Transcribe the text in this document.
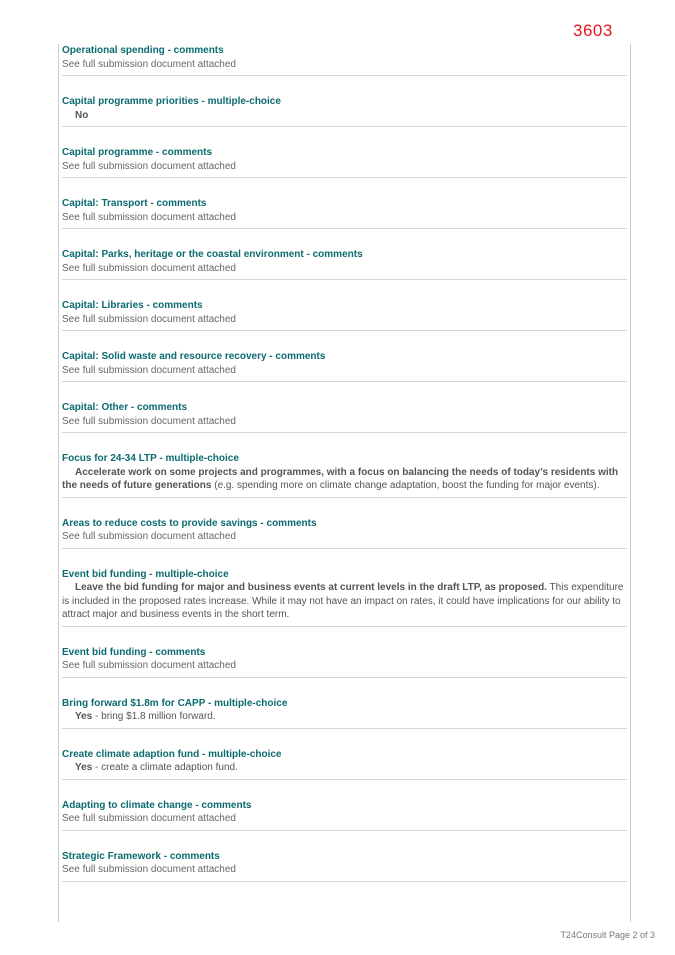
3603
Operational spending - comments
See full submission document attached
Capital programme priorities - multiple-choice
No
Capital programme - comments
See full submission document attached
Capital: Transport - comments
See full submission document attached
Capital: Parks, heritage or the coastal environment - comments
See full submission document attached
Capital: Libraries - comments
See full submission document attached
Capital: Solid waste and resource recovery - comments
See full submission document attached
Capital: Other - comments
See full submission document attached
Focus for 24-34 LTP - multiple-choice
Accelerate work on some projects and programmes, with a focus on balancing the needs of today’s residents with the needs of future generations (e.g. spending more on climate change adaptation, boost the funding for major events).
Areas to reduce costs to provide savings - comments
See full submission document attached
Event bid funding - multiple-choice
Leave the bid funding for major and business events at current levels in the draft LTP, as proposed. This expenditure is included in the proposed rates increase. While it may not have an impact on rates, it could have implications for our ability to attract major and business events in the short term.
Event bid funding - comments
See full submission document attached
Bring forward $1.8m for CAPP - multiple-choice
Yes - bring $1.8 million forward.
Create climate adaption fund - multiple-choice
Yes - create a climate adaption fund.
Adapting to climate change - comments
See full submission document attached
Strategic Framework - comments
See full submission document attached
T24Consult Page 2 of 3
